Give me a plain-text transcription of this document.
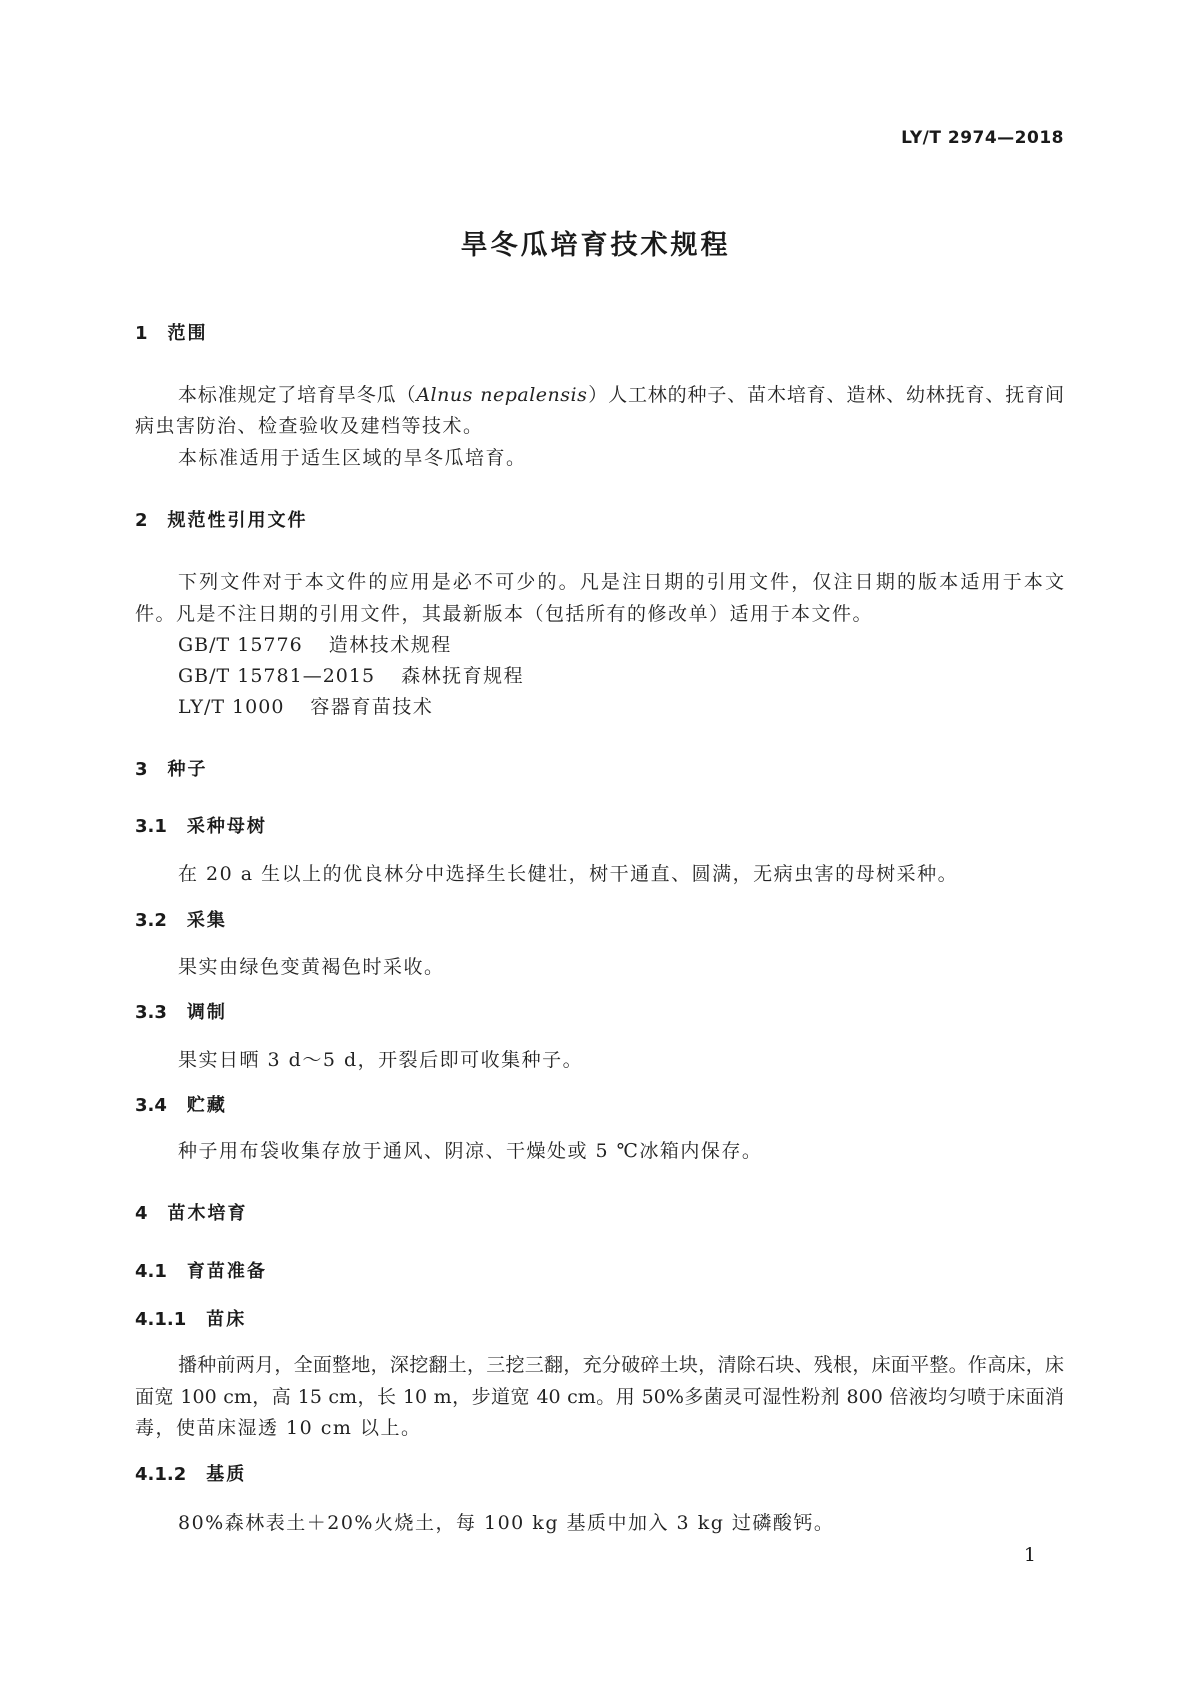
LY/T 2974—2018
旱冬瓜培育技术规程
1 范围
本标准规定了培育旱冬瓜（Alnus nepalensis）人工林的种子、苗木培育、造林、幼林抚育、抚育间
病虫害防治、检查验收及建档等技术。
本标准适用于适生区域的旱冬瓜培育。
2 规范性引用文件
下列文件对于本文件的应用是必不可少的。凡是注日期的引用文件，仅注日期的版本适用于本文
件。凡是不注日期的引用文件，其最新版本（包括所有的修改单）适用于本文件。
GB/T 15776 造林技术规程
GB/T 15781—2015 森林抚育规程
LY/T 1000 容器育苗技术
3 种子
3.1 采种母树
在 20 a 生以上的优良林分中选择生长健壮，树干通直、圆满，无病虫害的母树采种。
3.2 采集
果实由绿色变黄褐色时采收。
3.3 调制
果实日晒 3 d～5 d，开裂后即可收集种子。
3.4 贮藏
种子用布袋收集存放于通风、阴凉、干燥处或 5 ℃冰箱内保存。
4 苗木培育
4.1 育苗准备
4.1.1 苗床
播种前两月，全面整地，深挖翻土，三挖三翻，充分破碎土块，清除石块、残根，床面平整。作高床，床
面宽 100 cm，高 15 cm，长 10 m，步道宽 40 cm。用 50%多菌灵可湿性粉剂 800 倍液均匀喷于床面消
毒，使苗床湿透 10 cm 以上。
4.1.2 基质
80%森林表土＋20%火烧土，每 100 kg 基质中加入 3 kg 过磷酸钙。
1
